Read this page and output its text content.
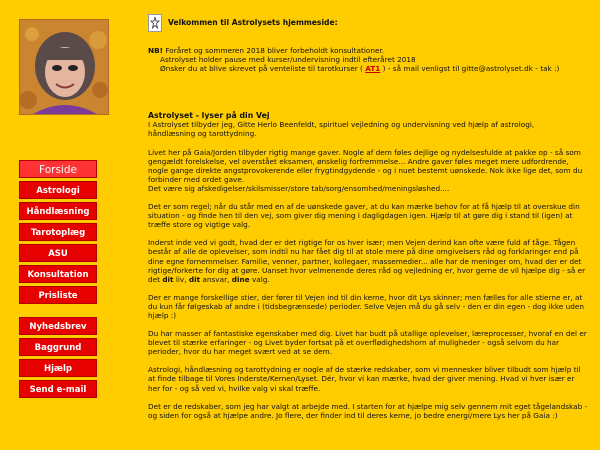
Forside
Astrologi
Håndlæsning
Tarotoplæg
ASU
Konsultation
Prisliste
Nyhedsbrev
Baggrund
Hjælp
Send e-mail
Velkommen til Astrolysets hjemmeside:
NB! Foråret og sommeren 2018 bliver forbeholdt konsultationer.
Astrolyset holder pause med kurser/undervisning indtil efteråret 2018
Ønsker du at blive skrevet på venteliste til tarotkurser ( AT1 ) - så mail venligst til gitte@astrolyset.dk - tak :)
Astrolyset - lyser på din Vej

I Astrolyset tilbyder jeg, Gitte Herlo Beenfeldt, spirituel vejledning og undervisning ved hjælp af astrologi,
håndlæsning og tarottydning.

Livet her på Gaia/Jorden tilbyder rigtig mange gaver. Nogle af dem føles dejlige og nydelsesfulde at pakke op - så som gengældt forelskelse, vel overstået eksamen, ønskelig forfremmelse... Andre gaver føles meget mere udfordrende, nogle gange direkte angstprovokerende eller frygtindgydende - og i nuet bestemt uønskede. Nok ikke lige det, som du forbinder med ordet gave.
Det være sig afskedigelser/skilsmisser/store tab/sorg/ensomhed/meningsløshed....

Det er som regel; når du står med en af de uønskede gaver, at du kan mærke behov for at få hjælp til at overskue din situation - og finde hen til den vej, som giver dig mening i dagligdagen igen. Hjælp til at gøre dig i stand til (igen) at træffe store og vigtige valg.

Inderst inde ved vi godt, hvad der er det rigtige for os hver især; men Vejen derind kan ofte være fuld af tåge. Tågen består af alle de oplevelser, som indtil nu har fået dig til at stole mere på dine omgivelsers råd og forklaringer end på dine egne fornemmelser. Familie, venner, partner, kollegaer, massemedier... alle har de meninger om, hvad der er det rigtige/forkerte for dig at gøre. Uanset hvor velmenende deres råd og vejledning er, hvor gerne de vil hjælpe dig - så er det dit liv, dit ansvar, dine valg.

Der er mange forskellige stier, der fører til Vejen ind til din kerne, hvor dit Lys skinner; men fælles for alle stierne er, at du kun får følgeskab af andre i (tidsbegrænsede) perioder. Selve Vejen må du gå selv - den er din egen - dog ikke uden hjælp :)

Du har masser af fantastiske egenskaber med dig. Livet har budt på utallige oplevelser, læreprocesser, hvoraf en del er blevet til stærke erfaringer - og Livet byder fortsat på et overflødighedshorn af muligheder - også selvom du har perioder, hvor du har meget svært ved at se dem.

Astrologi, håndlæsning og tarottydning er nogle af de stærke redskaber, som vi mennesker bliver tilbudt som hjælp til at finde tilbage til Vores Inderste/Kernen/Lyset. Dér, hvor vi kan mærke, hvad der giver mening. Hvad vi hver især er her for - og så ved vi, hvilke valg vi skal træffe.

Det er de redskaber, som jeg har valgt at arbejde med. I starten for at hjælpe mig selv gennem mit eget tågelandskab - og siden for også at hjælpe andre. Jo flere, der finder ind til deres kerne, jo bedre energi/mere Lys her på Gaia :)
